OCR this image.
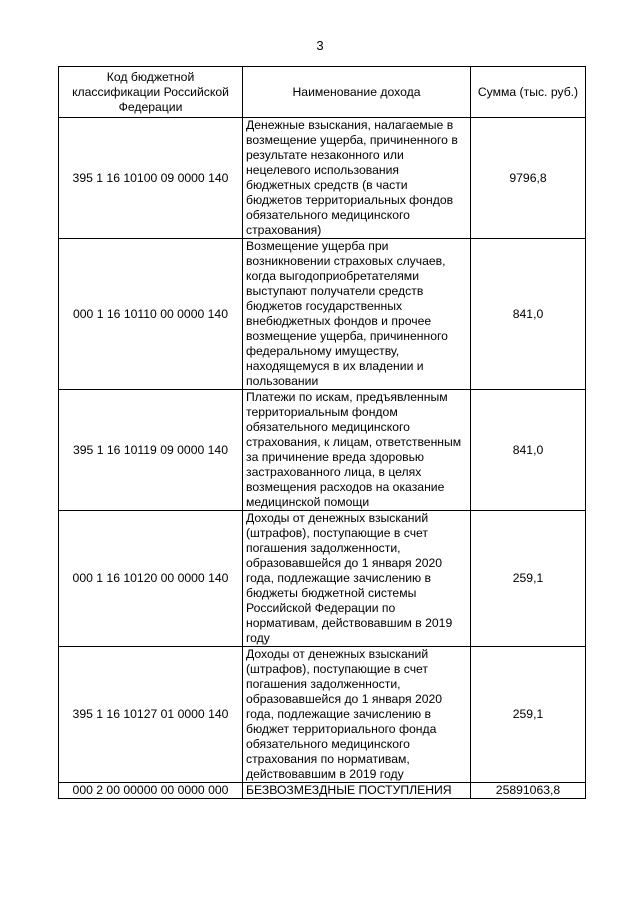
3
Код бюджетной классификации Российской Федерации	Наименование дохода	Сумма (тыс. руб.)
395 1 16 10100 09 0000 140	Денежные взыскания, налагаемые в возмещение ущерба, причиненного в результате незаконного или нецелевого использования бюджетных средств (в части бюджетов территориальных фондов обязательного медицинского страхования)	9796,8
000 1 16 10110 00 0000 140	Возмещение ущерба при возникновении страховых случаев, когда выгодоприобретателями выступают получатели средств бюджетов государственных внебюджетных фондов и прочее возмещение ущерба, причиненного федеральному имуществу, находящемуся в их владении и пользовании	841,0
395 1 16 10119 09 0000 140	Платежи по искам, предъявленным территориальным фондом обязательного медицинского страхования, к лицам, ответственным за причинение вреда здоровью застрахованного лица, в целях возмещения расходов на оказание медицинской помощи	841,0
000 1 16 10120 00 0000 140	Доходы от денежных взысканий (штрафов), поступающие в счет погашения задолженности, образовавшейся до 1 января 2020 года, подлежащие зачислению в бюджеты бюджетной системы Российской Федерации по нормативам, действовавшим в 2019 году	259,1
395 1 16 10127 01 0000 140	Доходы от денежных взысканий (штрафов), поступающие в счет погашения задолженности, образовавшейся до 1 января 2020 года, подлежащие зачислению в бюджет территориального фонда обязательного медицинского страхования по нормативам, действовавшим в 2019 году	259,1
000 2 00 00000 00 0000 000	БЕЗВОЗМЕЗДНЫЕ ПОСТУПЛЕНИЯ	25891063,8
